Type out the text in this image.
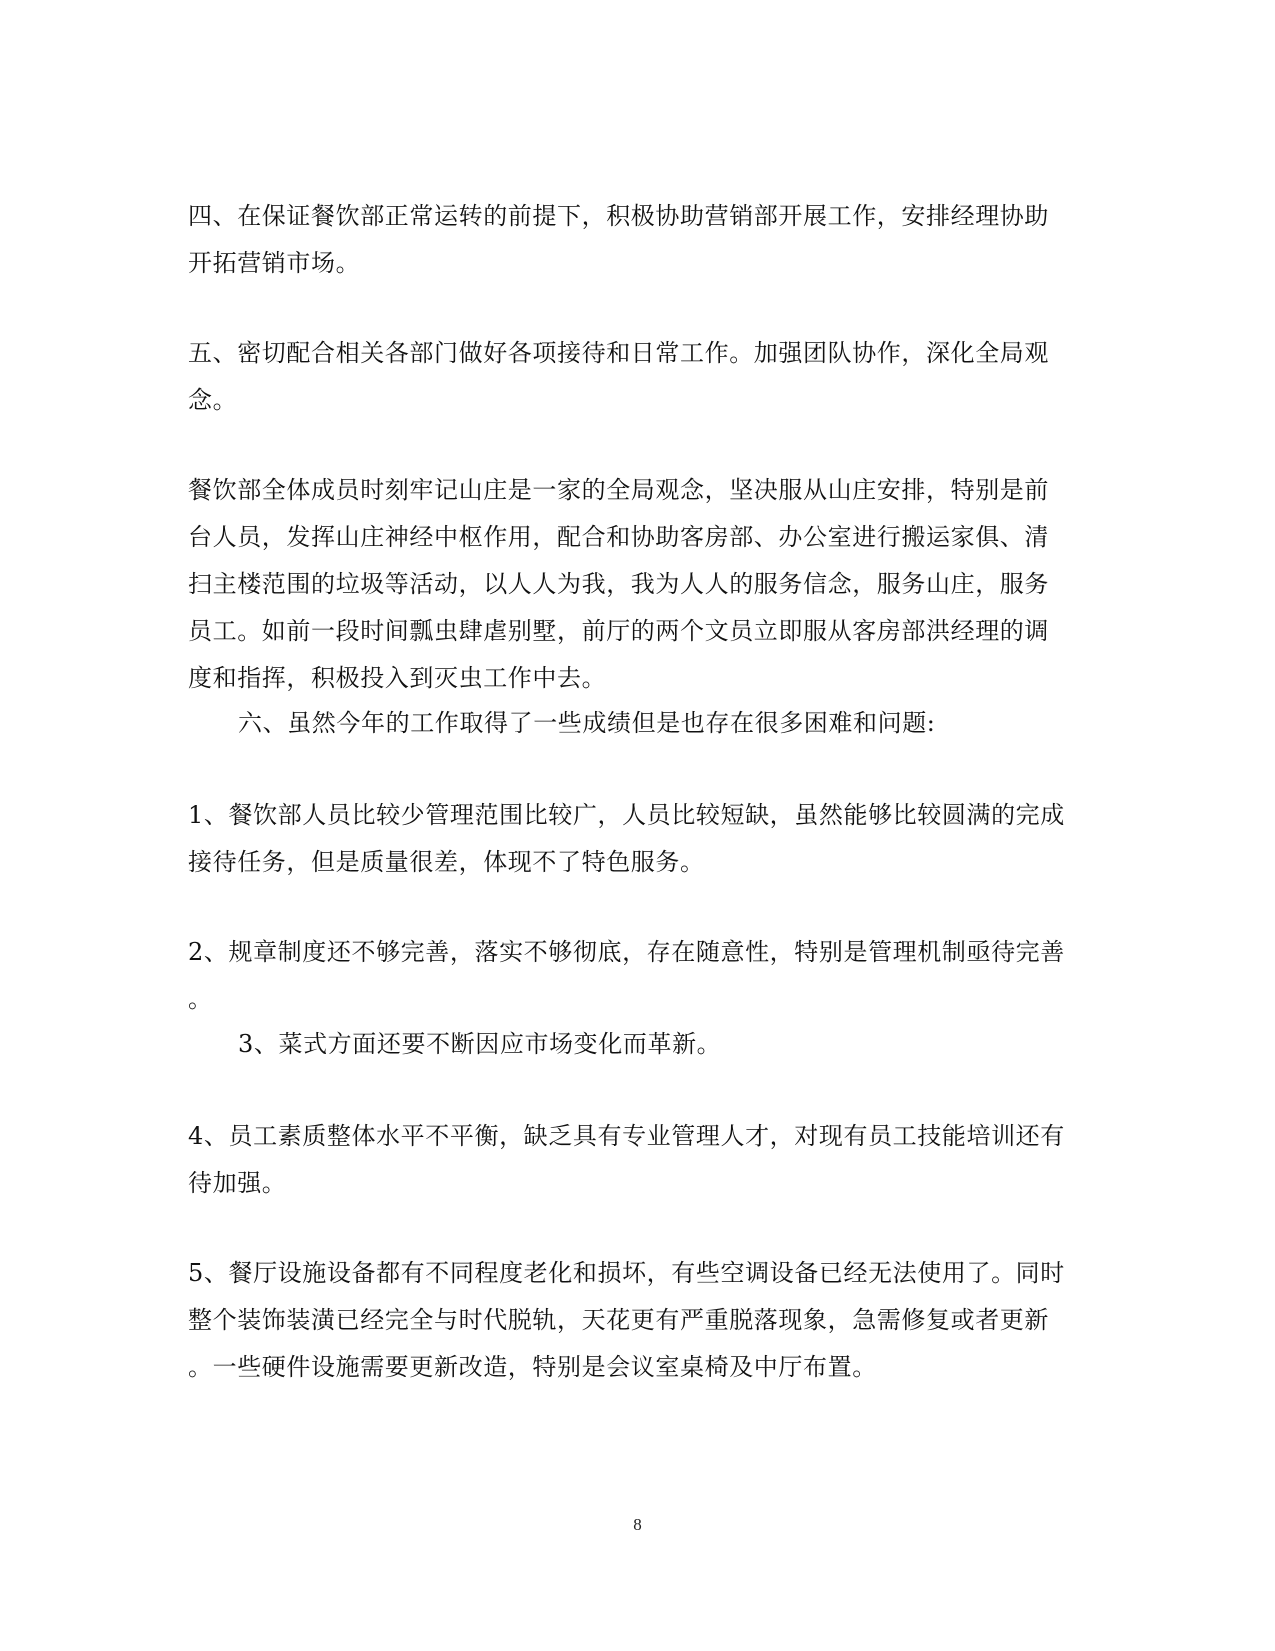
四、在保证餐饮部正常运转的前提下，积极协助营销部开展工作，安排经理协助
开拓营销市场。
五、密切配合相关各部门做好各项接待和日常工作。加强团队协作，深化全局观
念。
餐饮部全体成员时刻牢记山庄是一家的全局观念，坚决服从山庄安排，特别是前
台人员，发挥山庄神经中枢作用，配合和协助客房部、办公室进行搬运家俱、清
扫主楼范围的垃圾等活动，以人人为我，我为人人的服务信念，服务山庄，服务
员工。如前一段时间瓢虫肆虐别墅，前厅的两个文员立即服从客房部洪经理的调
度和指挥，积极投入到灭虫工作中去。
六、虽然今年的工作取得了一些成绩但是也存在很多困难和问题:
1、餐饮部人员比较少管理范围比较广，人员比较短缺，虽然能够比较圆满的完成
接待任务，但是质量很差，体现不了特色服务。
2、规章制度还不够完善，落实不够彻底，存在随意性，特别是管理机制亟待完善
。
3、菜式方面还要不断因应市场变化而革新。
4、员工素质整体水平不平衡，缺乏具有专业管理人才，对现有员工技能培训还有
待加强。
5、餐厅设施设备都有不同程度老化和损坏，有些空调设备已经无法使用了。同时
整个装饰装潢已经完全与时代脱轨，天花更有严重脱落现象，急需修复或者更新
。一些硬件设施需要更新改造，特别是会议室桌椅及中厅布置。
8
